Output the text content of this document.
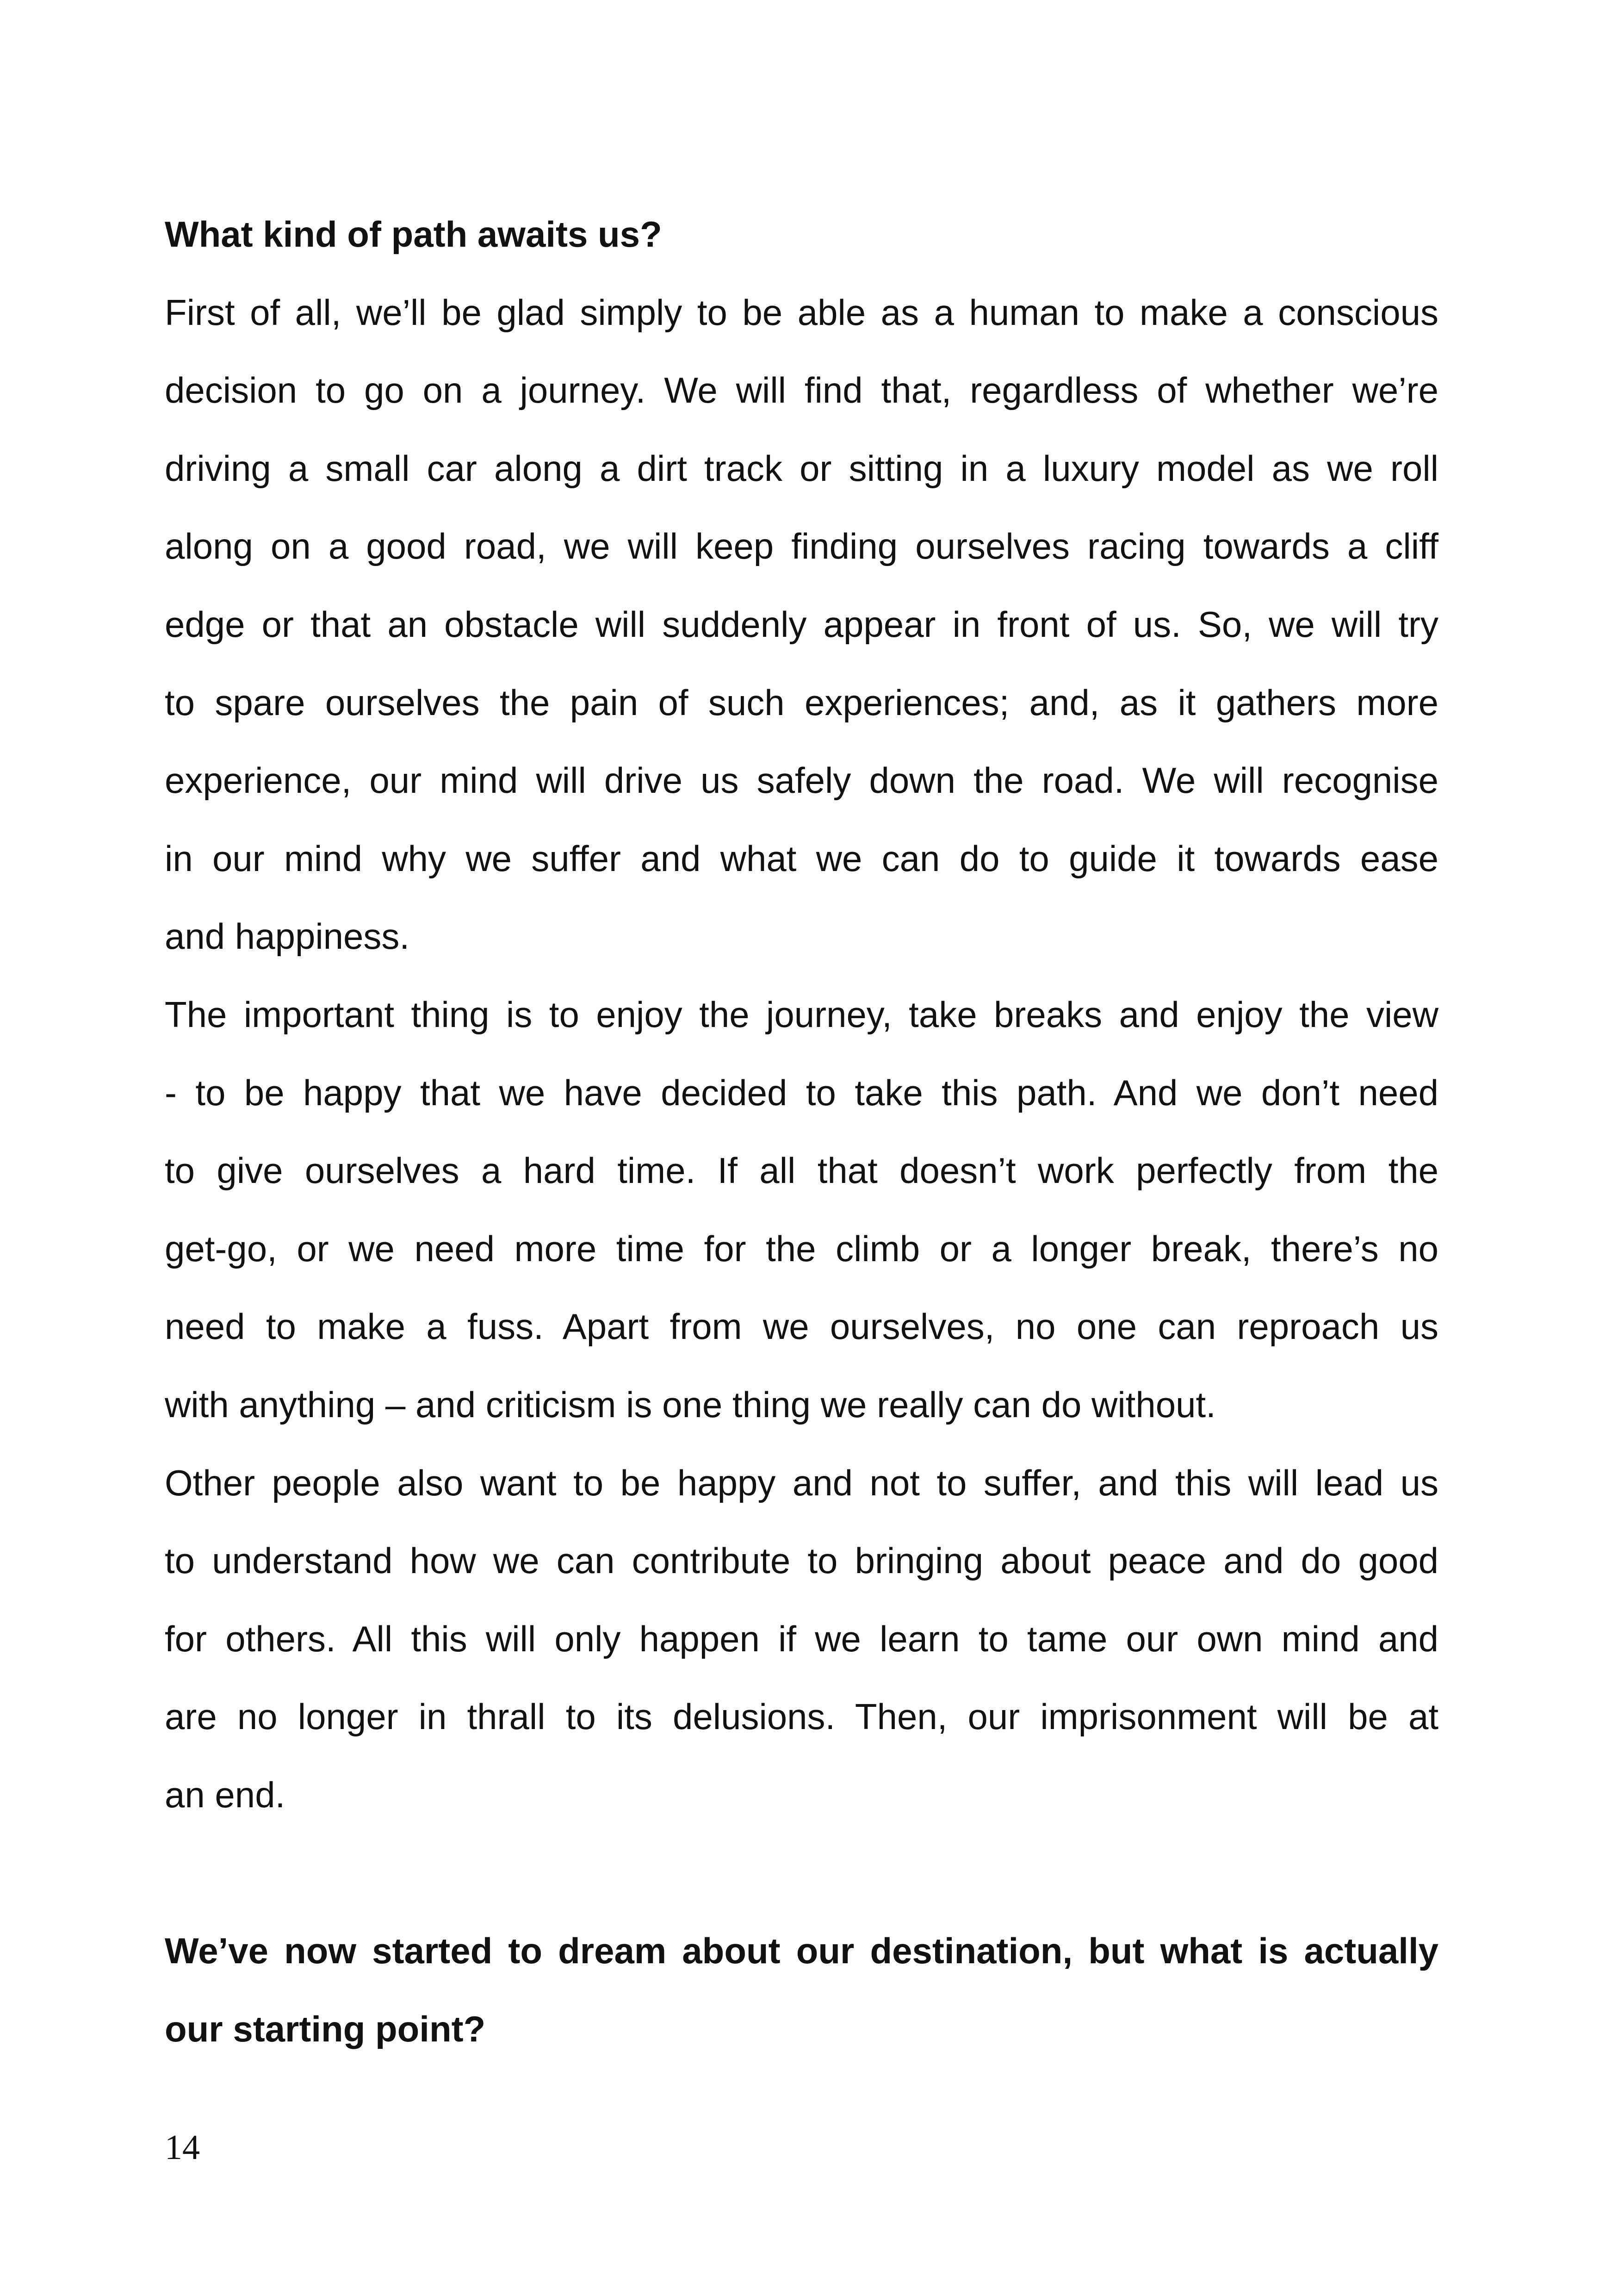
What kind of path awaits us?
First of all, we’ll be glad simply to be able as a human to make a conscious
decision to go on a journey. We will find that, regardless of whether we’re
driving a small car along a dirt track or sitting in a luxury model as we roll
along on a good road, we will keep finding ourselves racing towards a cliff
edge or that an obstacle will suddenly appear in front of us. So, we will try
to spare ourselves the pain of such experiences; and, as it gathers more
experience, our mind will drive us safely down the road. We will recognise
in our mind why we suffer and what we can do to guide it towards ease
and happiness.
The important thing is to enjoy the journey, take breaks and enjoy the view
- to be happy that we have decided to take this path. And we don’t need
to give ourselves a hard time. If all that doesn’t work perfectly from the
get-go, or we need more time for the climb or a longer break, there’s no
need to make a fuss. Apart from we ourselves, no one can reproach us
with anything – and criticism is one thing we really can do without.
Other people also want to be happy and not to suffer, and this will lead us
to understand how we can contribute to bringing about peace and do good
for others. All this will only happen if we learn to tame our own mind and
are no longer in thrall to its delusions. Then, our imprisonment will be at
an end.
We’ve now started to dream about our destination, but what is actually
our starting point?
14
